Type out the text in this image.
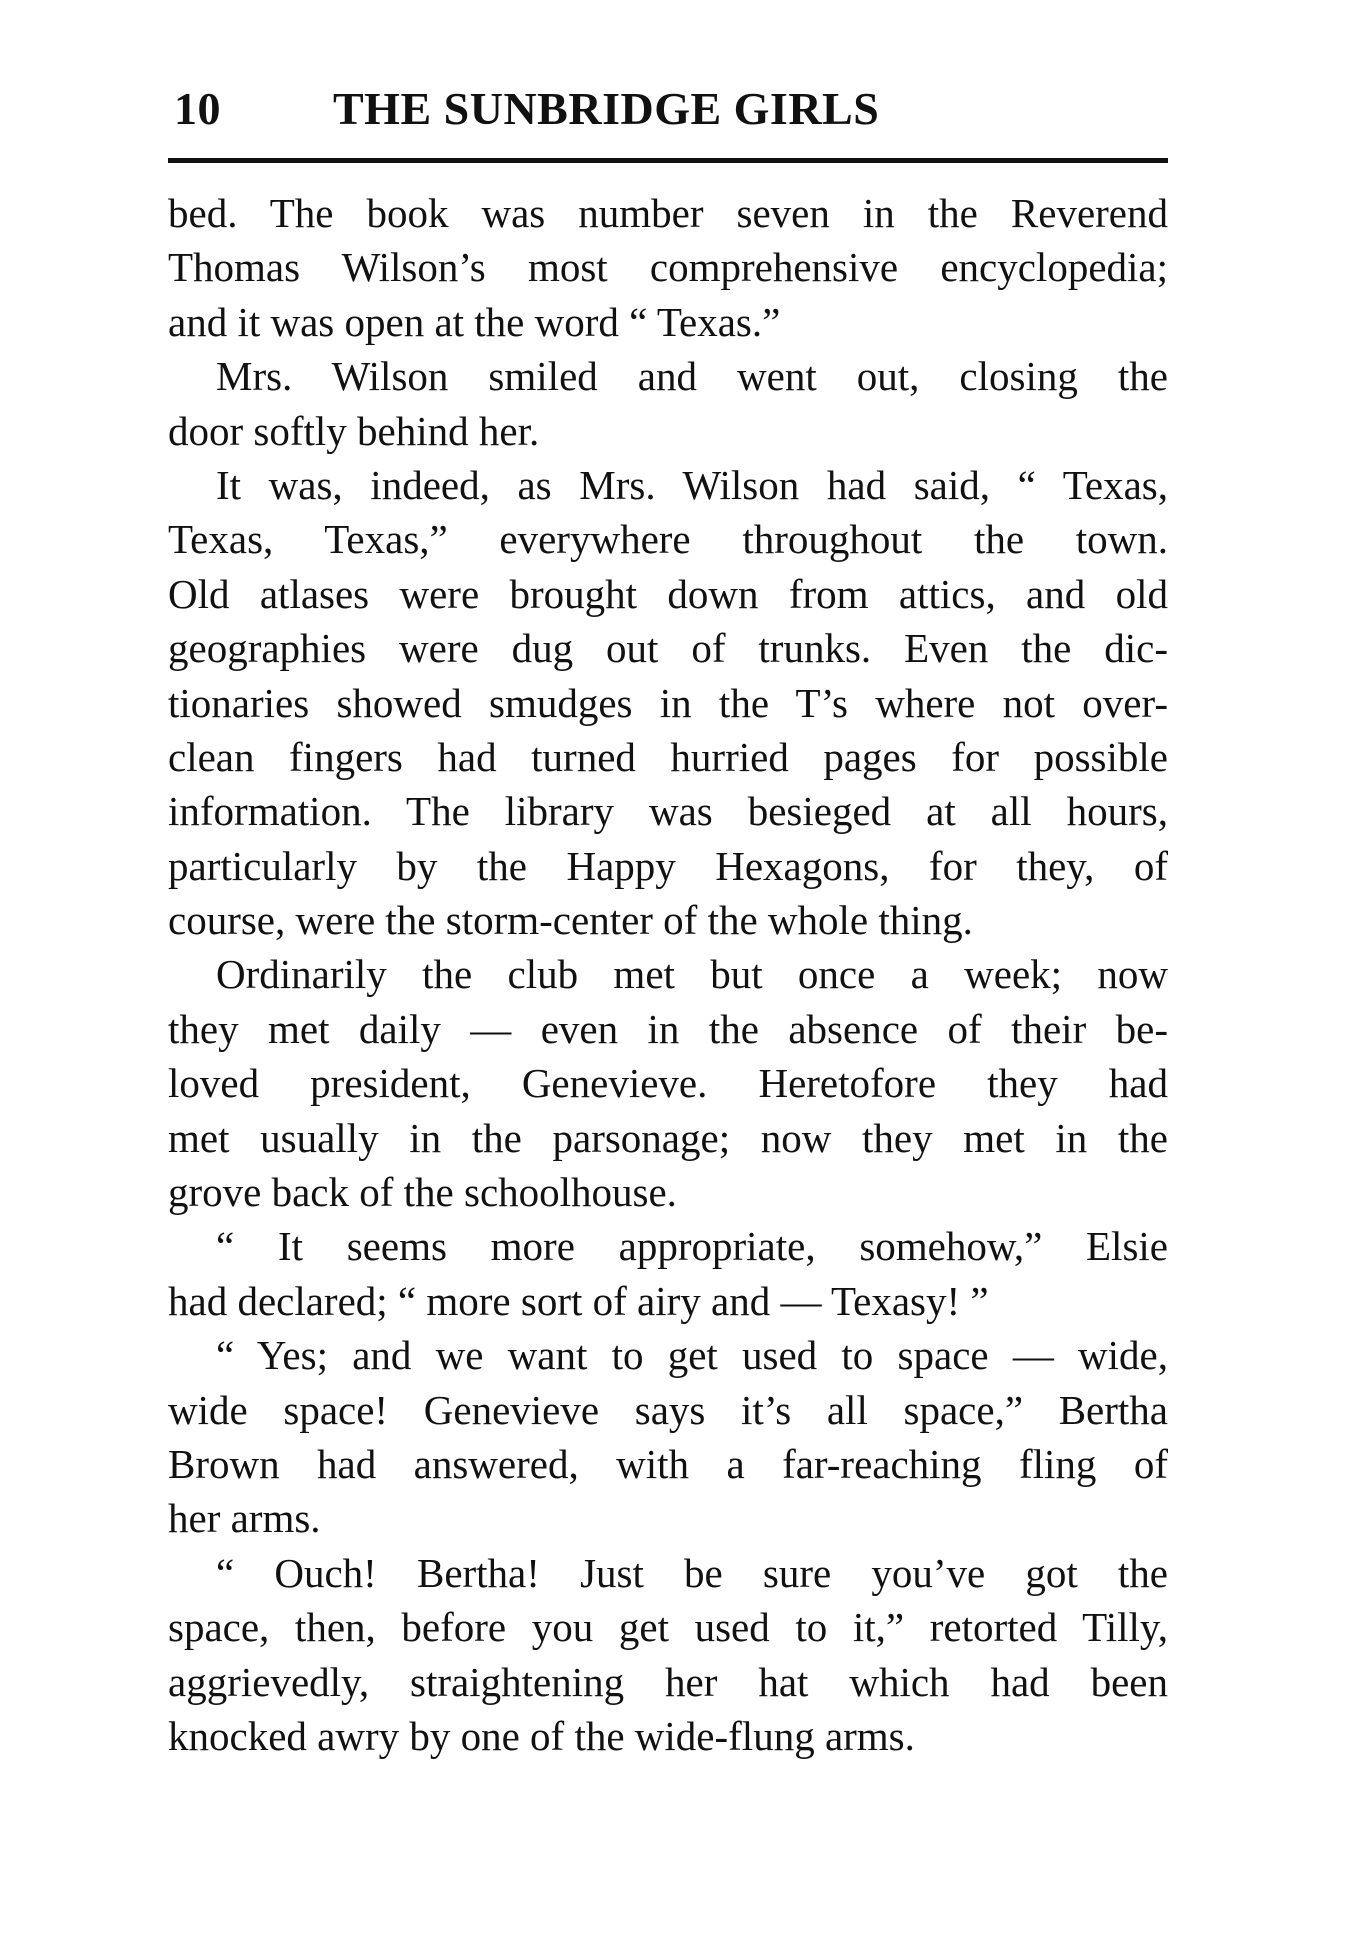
10 THE SUNBRIDGE GIRLS
bed. The book was number seven in the Reverend
Thomas Wilson’s most comprehensive encyclopedia;
and it was open at the word “ Texas.”
Mrs. Wilson smiled and went out, closing the
door softly behind her.
It was, indeed, as Mrs. Wilson had said, “ Texas,
Texas, Texas,” everywhere throughout the town.
Old atlases were brought down from attics, and old
geographies were dug out of trunks. Even the dic-
tionaries showed smudges in the T’s where not over-
clean fingers had turned hurried pages for possible
information. The library was besieged at all hours,
particularly by the Happy Hexagons, for they, of
course, were the storm-center of the whole thing.
Ordinarily the club met but once a week; now
they met daily — even in the absence of their be-
loved president, Genevieve. Heretofore they had
met usually in the parsonage; now they met in the
grove back of the schoolhouse.
“ It seems more appropriate, somehow,” Elsie
had declared; “ more sort of airy and — Texasy! ”
“ Yes; and we want to get used to space — wide,
wide space! Genevieve says it’s all space,” Bertha
Brown had answered, with a far-reaching fling of
her arms.
“ Ouch! Bertha! Just be sure you’ve got the
space, then, before you get used to it,” retorted Tilly,
aggrievedly, straightening her hat which had been
knocked awry by one of the wide-flung arms.
